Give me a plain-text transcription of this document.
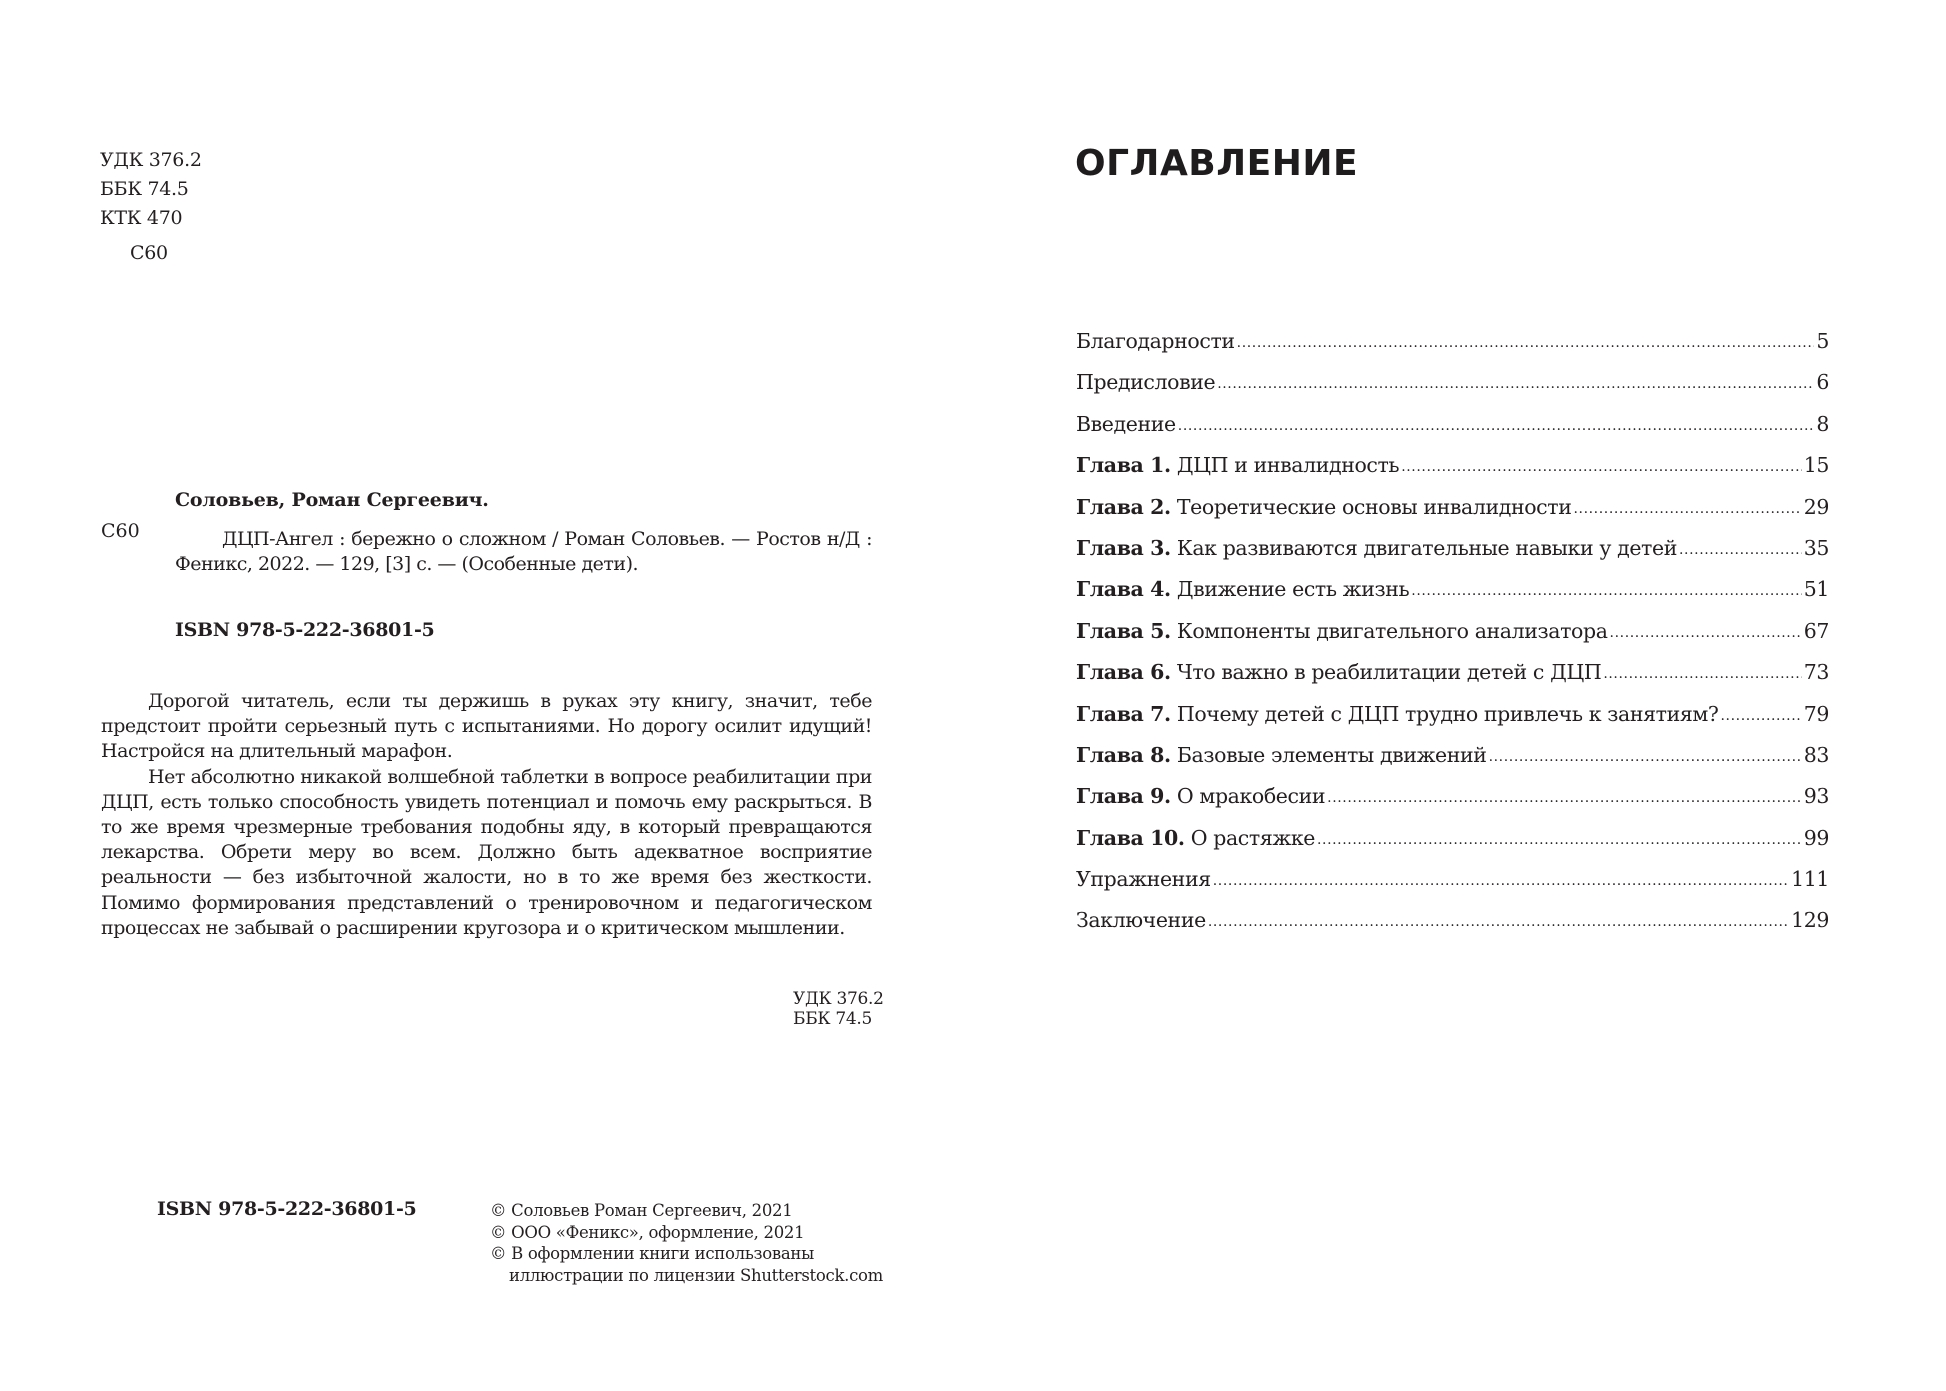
УДК 376.2
ББК 74.5
КТК 470
С60
Соловьев, Роман Сергеевич.
С60	ДЦП-Ангел : бережно о сложном / Роман Соловьев. — Ростов н/Д :
Феникс, 2022. — 129, [3] с. — (Особенные дети).
ISBN 978-5-222-36801-5

Дорогой читатель, если ты держишь в руках эту книгу, значит, тебе предстоит пройти серьезный путь с испытаниями. Но дорогу осилит идущий! Настройся на длительный марафон.

Нет абсолютно никакой волшебной таблетки в вопросе реабилитации при ДЦП, есть только способность увидеть потенциал и помочь ему раскрыться. В то же время чрезмерные требования подобны яду, в который превращаются лекарства. Обрети меру во всем. Должно быть адекватное восприятие реальности — без избыточной жалости, но в то же время без жесткости. Помимо формирования представлений о тренировочном и педагогическом процессах не забывай о расширении кругозора и о критическом мышлении.

УДК 376.2
ББК 74.5
ISBN 978-5-222-36801-5	© Соловьев Роман Сергеевич, 2021
© ООО «Феникс», оформление, 2021
© В оформлении книги использованы
иллюстрации по лицензии Shutterstock.com
ОГЛАВЛЕНИЕ
Благодарности .....	5
Предисловие .....	6
Введение .....	8
Глава 1. ДЦП и инвалидность .....	15
Глава 2. Теоретические основы инвалидности .....	29
Глава 3. Как развиваются двигательные навыки у детей .....	35
Глава 4. Движение есть жизнь .....	51
Глава 5. Компоненты двигательного анализатора .....	67
Глава 6. Что важно в реабилитации детей с ДЦП .....	73
Глава 7. Почему детей с ДЦП трудно привлечь к занятиям? .....	79
Глава 8. Базовые элементы движений .....	83
Глава 9. О мракобесии .....	93
Глава 10. О растяжке .....	99
Упражнения .....	111
Заключение .....	129
